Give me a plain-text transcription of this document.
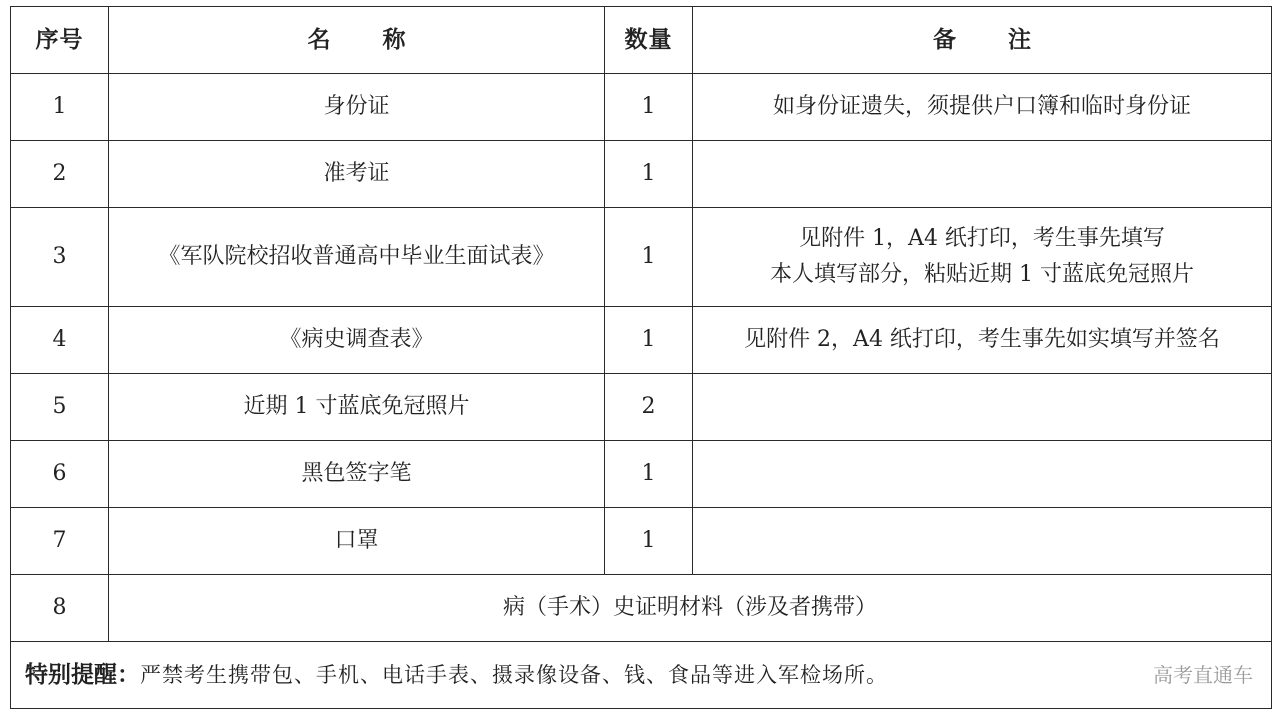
序号	名 称	数量	备 注
1	身份证	1	如身份证遗失，须提供户口簿和临时身份证

2	准考证	1	
3	《军队院校招收普通高中毕业生面试表》	1	见附件 1，A4 纸打印，考生事先填写
本人填写部分，粘贴近期 1 寸蓝底免冠照片

4	《病史调查表》	1	见附件 2，A4 纸打印，考生事先如实填写并签名

5	近期 1 寸蓝底免冠照片	2	
6	黑色签字笔	1	
7	口罩	1	
8	病（手术）史证明材料（涉及者携带）		
特别提醒：严禁考生携带包、手机、电话手表、摄录像设备、钱、食品等进入军检场所。 高考直通车			
